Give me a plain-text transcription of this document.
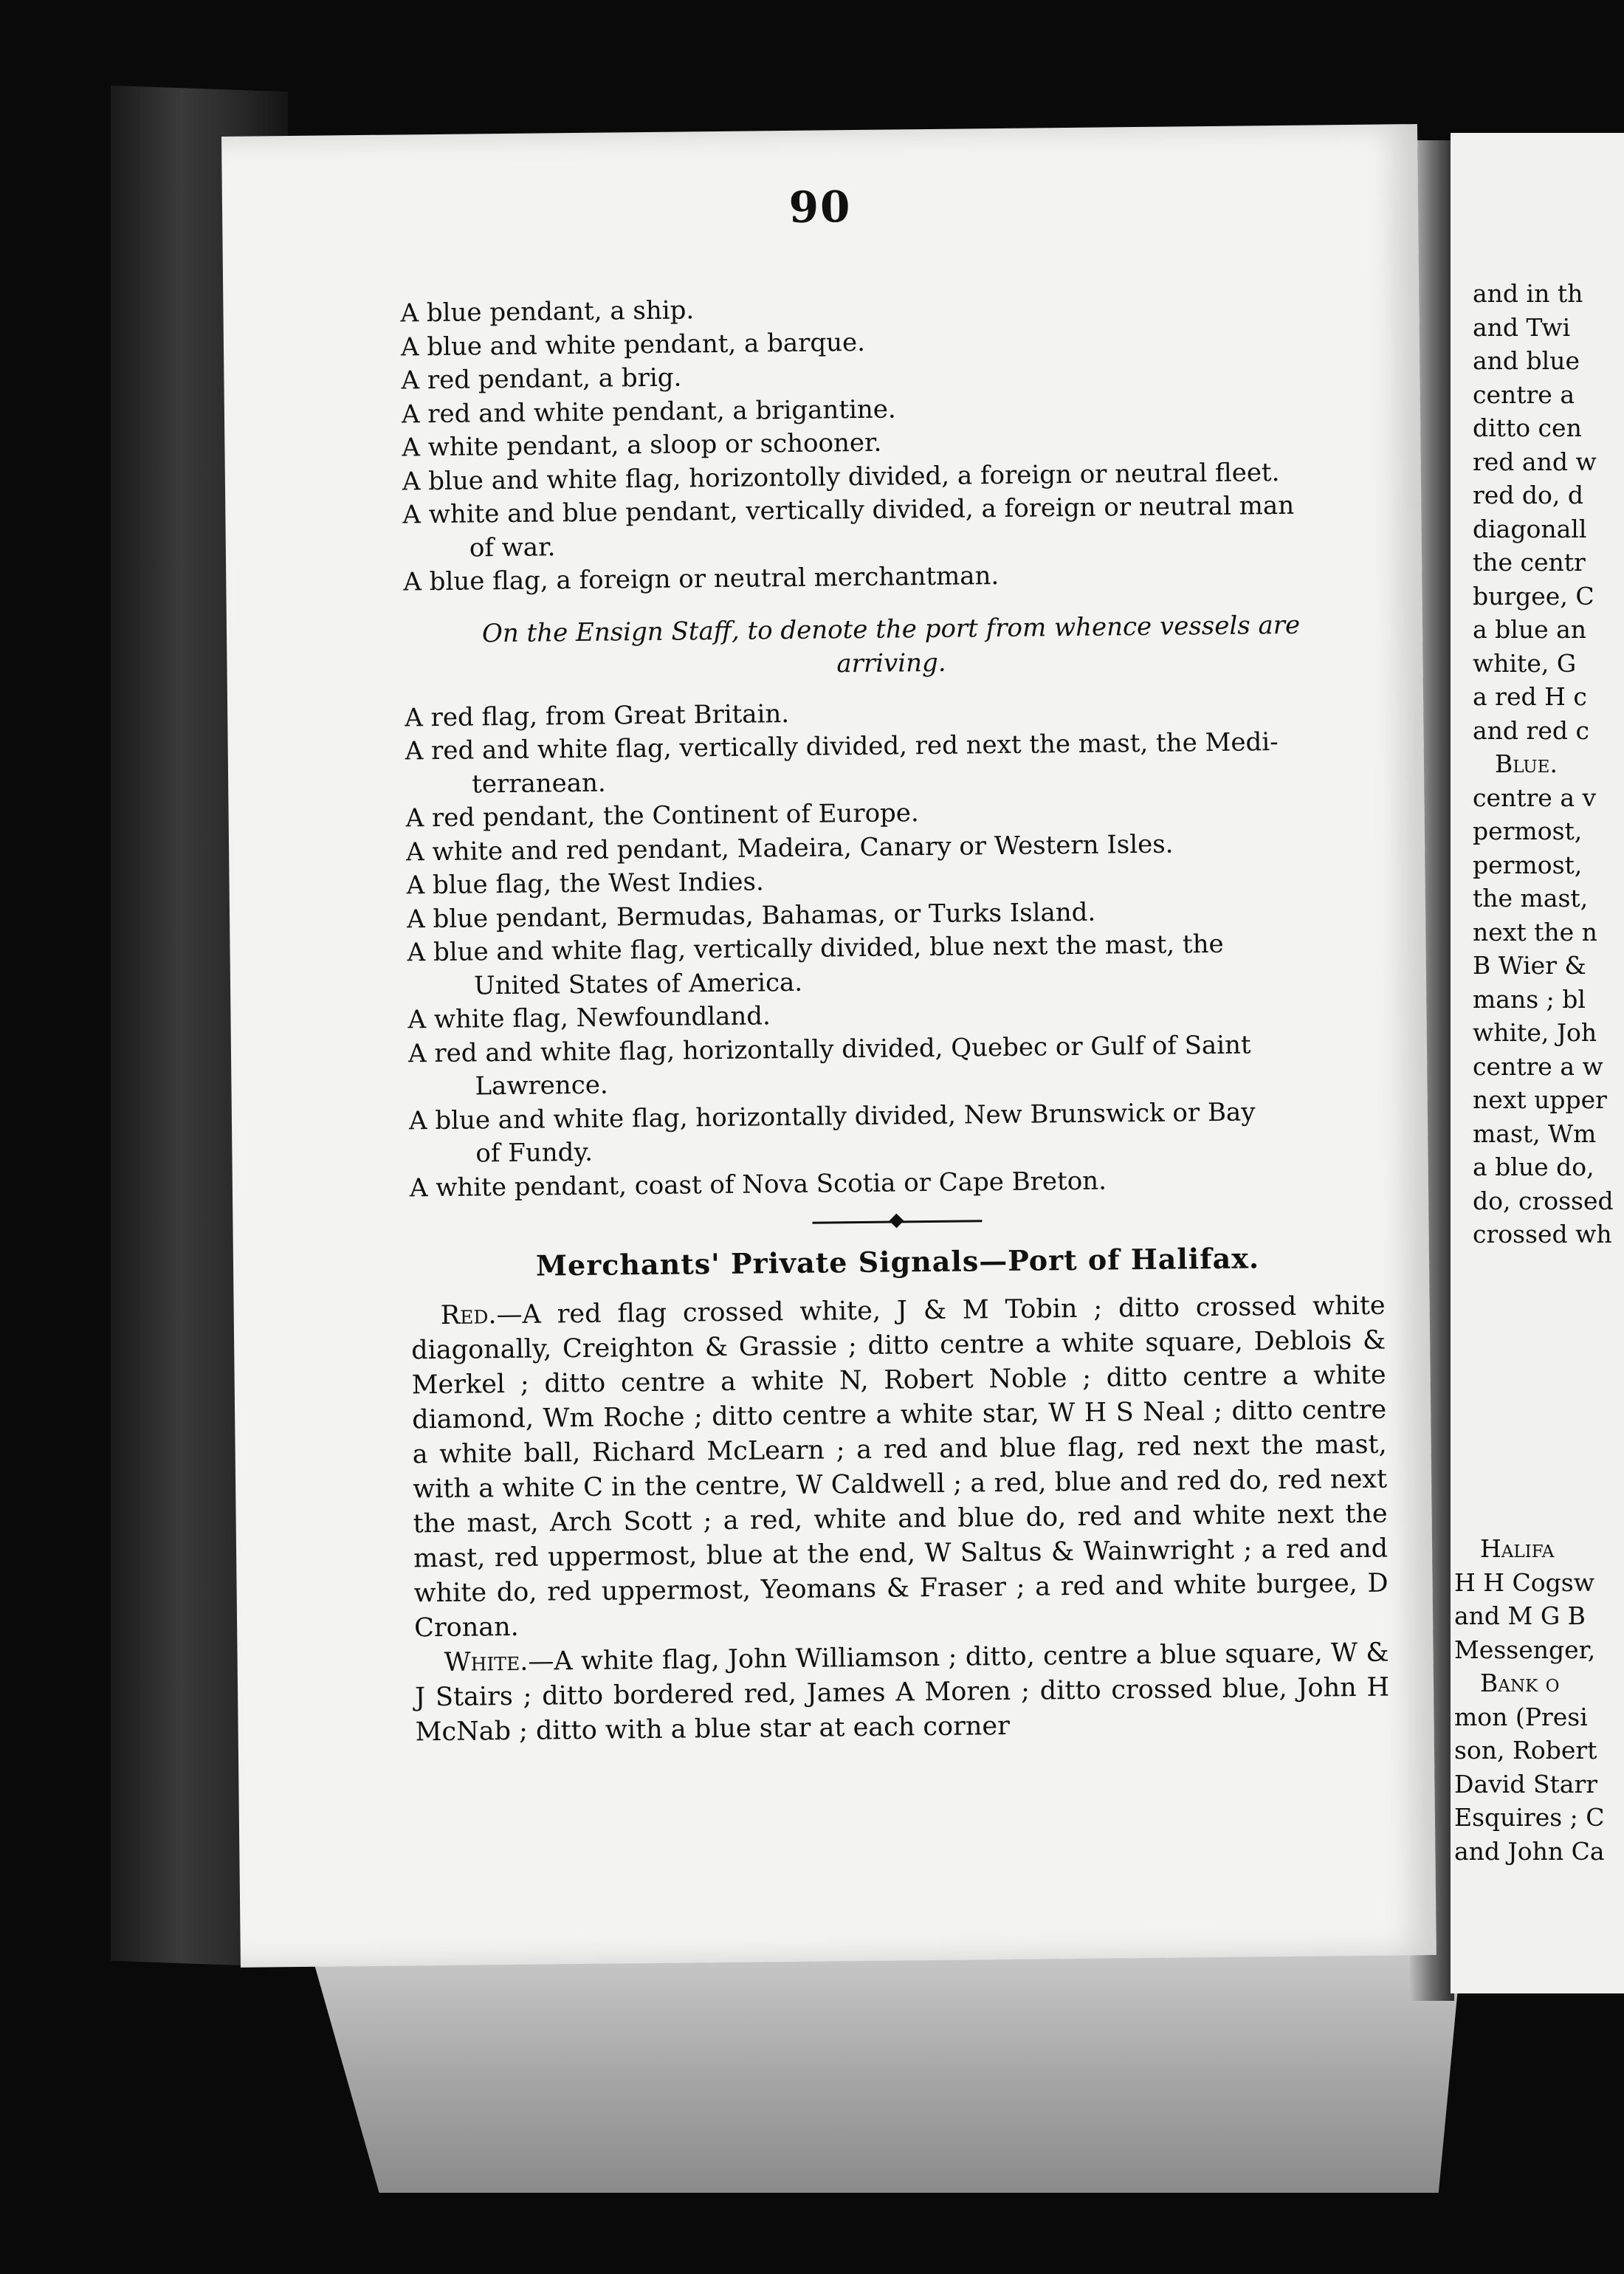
90
A blue pendant, a ship.
A blue and white pendant, a barque.
A red pendant, a brig.
A red and white pendant, a brigantine.
A white pendant, a sloop or schooner.
A blue and white flag, horizontolly divided, a foreign or neutral fleet.
A white and blue pendant, vertically divided, a foreign or neutral man
of war.
A blue flag, a foreign or neutral merchantman.
On the Ensign Staff, to denote the port from whence vessels are
arriving.
A red flag, from Great Britain.
A red and white flag, vertically divided, red next the mast, the Medi-
terranean.
A red pendant, the Continent of Europe.
A white and red pendant, Madeira, Canary or Western Isles.
A blue flag, the West Indies.
A blue pendant, Bermudas, Bahamas, or Turks Island.
A blue and white flag, vertically divided, blue next the mast, the
United States of America.
A white flag, Newfoundland.
A red and white flag, horizontally divided, Quebec or Gulf of Saint
Lawrence.
A blue and white flag, horizontally divided, New Brunswick or Bay
of Fundy.
A white pendant, coast of Nova Scotia or Cape Breton.
Merchants' Private Signals—Port of Halifax.
Red.—A red flag crossed white, J & M Tobin ; ditto crossed white diagonally, Creighton & Grassie ; ditto centre a white square, Deblois & Merkel ; ditto centre a white N, Robert Noble ; ditto centre a white diamond, Wm Roche ; ditto centre a white star, W H S Neal ; ditto centre a white ball, Richard McLearn ; a red and blue flag, red next the mast, with a white C in the centre, W Caldwell ; a red, blue and red do, red next the mast, Arch Scott ; a red, white and blue do, red and white next the mast, red uppermost, blue at the end, W Saltus & Wainwright ; a red and white do, red uppermost, Yeomans & Fraser ; a red and white burgee, D Cronan.
White.—A white flag, John Williamson ; ditto, centre a blue square, W & J Stairs ; ditto bordered red, James A Moren ; ditto crossed blue, John H McNab ; ditto with a blue star at each corner
and in th
and Twi
and blue
centre a
ditto cen
red and w
red do, d
diagonall
the centr
burgee, C
a blue an
white, G
a red H c
and red c
Blue.
centre a v
permost,
permost,
the mast,
next the n
B Wier &
mans ; bl
white, Joh
centre a w
next upper
mast, Wm
a blue do,
do, crossed
crossed wh
Halifa
H H Cogsw
and M G B
Messenger,
Bank o
mon (Presi
son, Robert
David Starr
Esquires ; C
and John Ca
